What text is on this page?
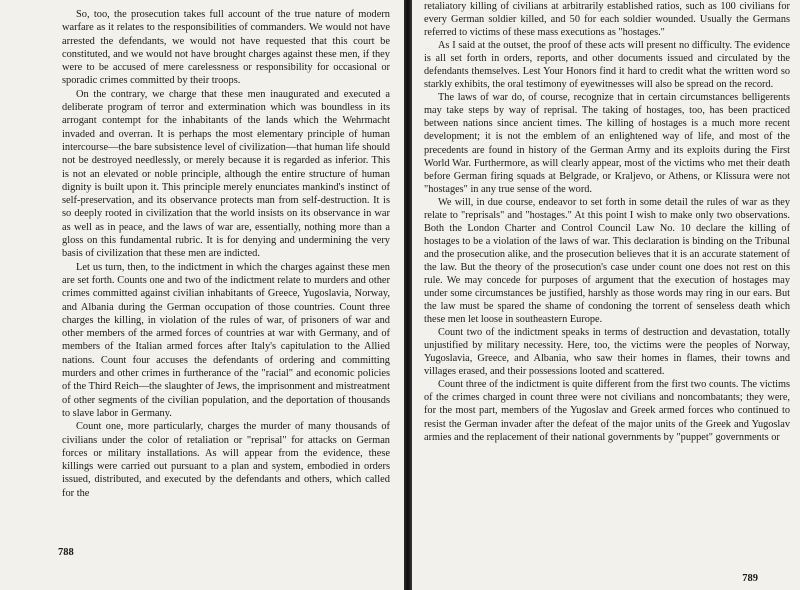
So, too, the prosecution takes full account of the true nature of modern warfare as it relates to the responsibilities of commanders. We would not have arrested the defendants, we would not have requested that this court be constituted, and we would not have brought charges against these men, if they were to be accused of mere carelessness or responsibility for occasional or sporadic crimes committed by their troops.

On the contrary, we charge that these men inaugurated and executed a deliberate program of terror and extermination which was boundless in its arrogant contempt for the inhabitants of the lands which the Wehrmacht invaded and overran. It is perhaps the most elementary principle of human intercourse—the bare subsistence level of civilization—that human life should not be destroyed needlessly, or merely because it is regarded as inferior. This is not an elevated or noble principle, although the entire structure of human dignity is built upon it. This principle merely enunciates mankind's instinct of self-preservation, and its observance protects man from self-destruction. It is so deeply rooted in civilization that the world insists on its observance in war as well as in peace, and the laws of war are, essentially, nothing more than a gloss on this fundamental rubric. It is for denying and undermining the very basis of civilization that these men are indicted.

Let us turn, then, to the indictment in which the charges against these men are set forth. Counts one and two of the indictment relate to murders and other crimes committed against civilian inhabitants of Greece, Yugoslavia, Norway, and Albania during the German occupation of those countries. Count three charges the killing, in violation of the rules of war, of prisoners of war and other members of the armed forces of countries at war with Germany, and of members of the Italian armed forces after Italy's capitulation to the Allied nations. Count four accuses the defendants of ordering and committing murders and other crimes in furtherance of the "racial" and economic policies of the Third Reich—the slaughter of Jews, the imprisonment and mistreatment of other segments of the civilian population, and the deportation of thousands to slave labor in Germany.

Count one, more particularly, charges the murder of many thousands of civilians under the color of retaliation or "reprisal" for attacks on German forces or military installations. As will appear from the evidence, these killings were carried out pursuant to a plan and system, embodied in orders issued, distributed, and executed by the defendants and others, which called for the

788

retaliatory killing of civilians at arbitrarily established ratios, such as 100 civilians for every German soldier killed, and 50 for each soldier wounded. Usually the Germans referred to victims of these mass executions as "hostages."

As I said at the outset, the proof of these acts will present no difficulty. The evidence is all set forth in orders, reports, and other documents issued and circulated by the defendants themselves. Lest Your Honors find it hard to credit what the written word so starkly exhibits, the oral testimony of eyewitnesses will also be spread on the record.

The laws of war do, of course, recognize that in certain circumstances belligerents may take steps by way of reprisal. The taking of hostages, too, has been practiced between nations since ancient times. The killing of hostages is a much more recent development; it is not the emblem of an enlightened way of life, and most of the precedents are found in history of the German Army and its exploits during the First World War. Furthermore, as will clearly appear, most of the victims who met their death before German firing squads at Belgrade, or Kraljevo, or Athens, or Klissura were not "hostages" in any true sense of the word.

We will, in due course, endeavor to set forth in some detail the rules of war as they relate to "reprisals" and "hostages." At this point I wish to make only two observations. Both the London Charter and Control Council Law No. 10 declare the killing of hostages to be a violation of the laws of war. This declaration is binding on the Tribunal and the prosecution alike, and the prosecution believes that it is an accurate statement of the law. But the theory of the prosecution's case under count one does not rest on this rule. We may concede for purposes of argument that the execution of hostages may under some circumstances be justified, harshly as those words may ring in our ears. But the law must be spared the shame of condoning the torrent of senseless death which these men let loose in southeastern Europe.

Count two of the indictment speaks in terms of destruction and devastation, totally unjustified by military necessity. Here, too, the victims were the peoples of Norway, Yugoslavia, Greece, and Albania, who saw their homes in flames, their towns and villages erased, and their possessions looted and scattered.

Count three of the indictment is quite different from the first two counts. The victims of the crimes charged in count three were not civilians and noncombatants; they were, for the most part, members of the Yugoslav and Greek armed forces who continued to resist the German invader after the defeat of the major units of the Greek and Yugoslav armies and the replacement of their national governments by "puppet" governments or

789
